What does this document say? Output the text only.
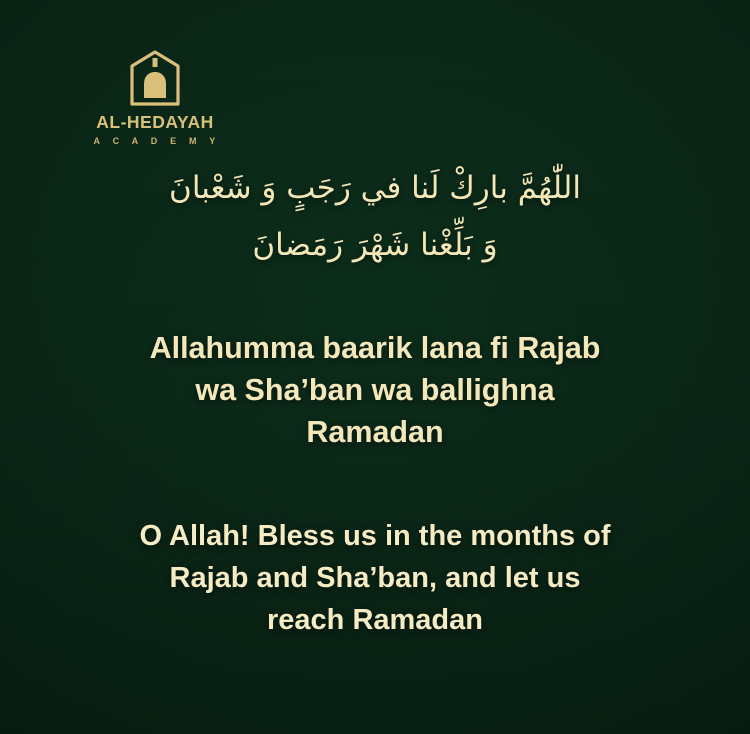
AL-HEDAYAH
A C A D E M Y
اللّٰهُمَّ بارِكْ لَنا في رَجَبٍ وَ شَعْبانَ
وَ بَلِّغْنا شَهْرَ رَمَضانَ
Allahumma baarik lana fi Rajab
wa Sha’ban wa ballighna
Ramadan
O Allah! Bless us in the months of
Rajab and Sha’ban, and let us
reach Ramadan
